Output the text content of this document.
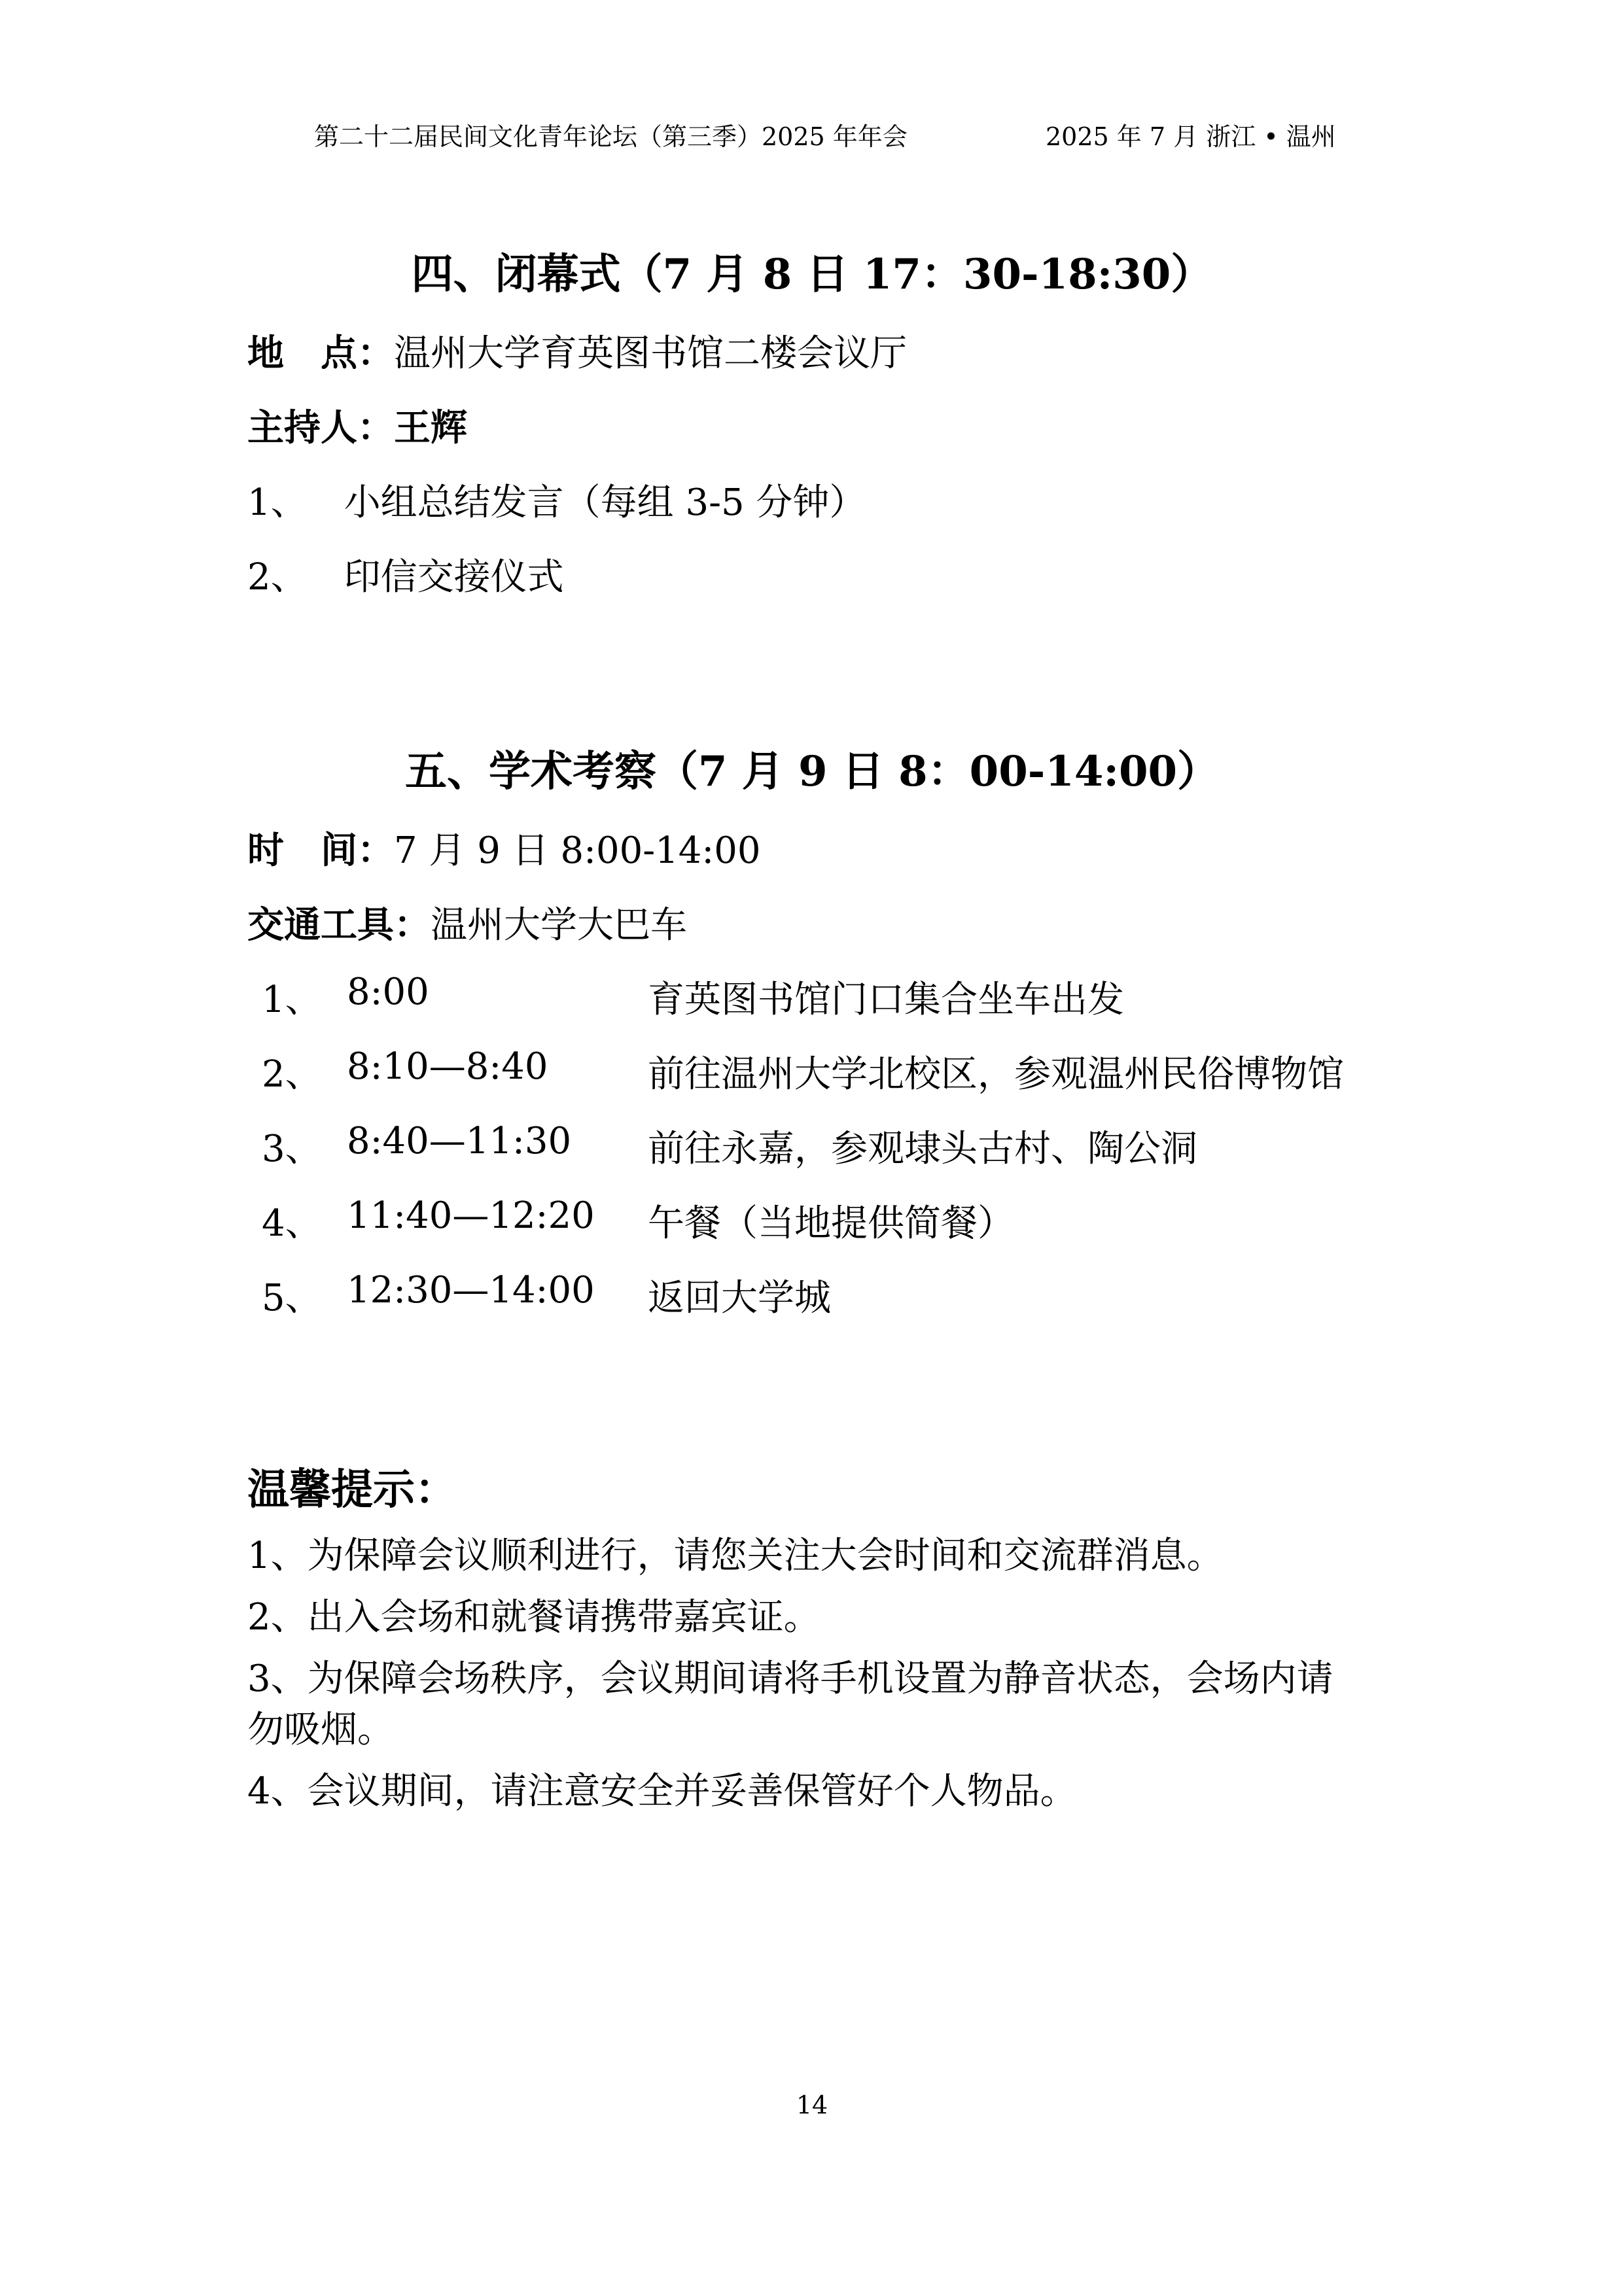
第二十二届民间文化青年论坛（第三季）2025 年年会	2025 年 7 月 浙江 • 温州
四、闭幕式（7 月 8 日 17：30-18:30）
地　点：温州大学育英图书馆二楼会议厅
主持人：王辉
1、 小组总结发言（每组 3-5 分钟）
2、 印信交接仪式
五、学术考察（7 月 9 日 8：00-14:00）
时　间：7 月 9 日 8:00-14:00
交通工具：温州大学大巴车
1、 8:00	育英图书馆门口集合坐车出发
2、 8:10—8:40	前往温州大学北校区，参观温州民俗博物馆
3、 8:40—11:30 前往永嘉，参观埭头古村、陶公洞
4、 11:40—12:20 午餐（当地提供简餐）
5、 12:30—14:00 返回大学城
温馨提示：
1、为保障会议顺利进行，请您关注大会时间和交流群消息。
2、出入会场和就餐请携带嘉宾证。
3、为保障会场秩序，会议期间请将手机设置为静音状态，会场内请
勿吸烟。
4、会议期间，请注意安全并妥善保管好个人物品。
14
